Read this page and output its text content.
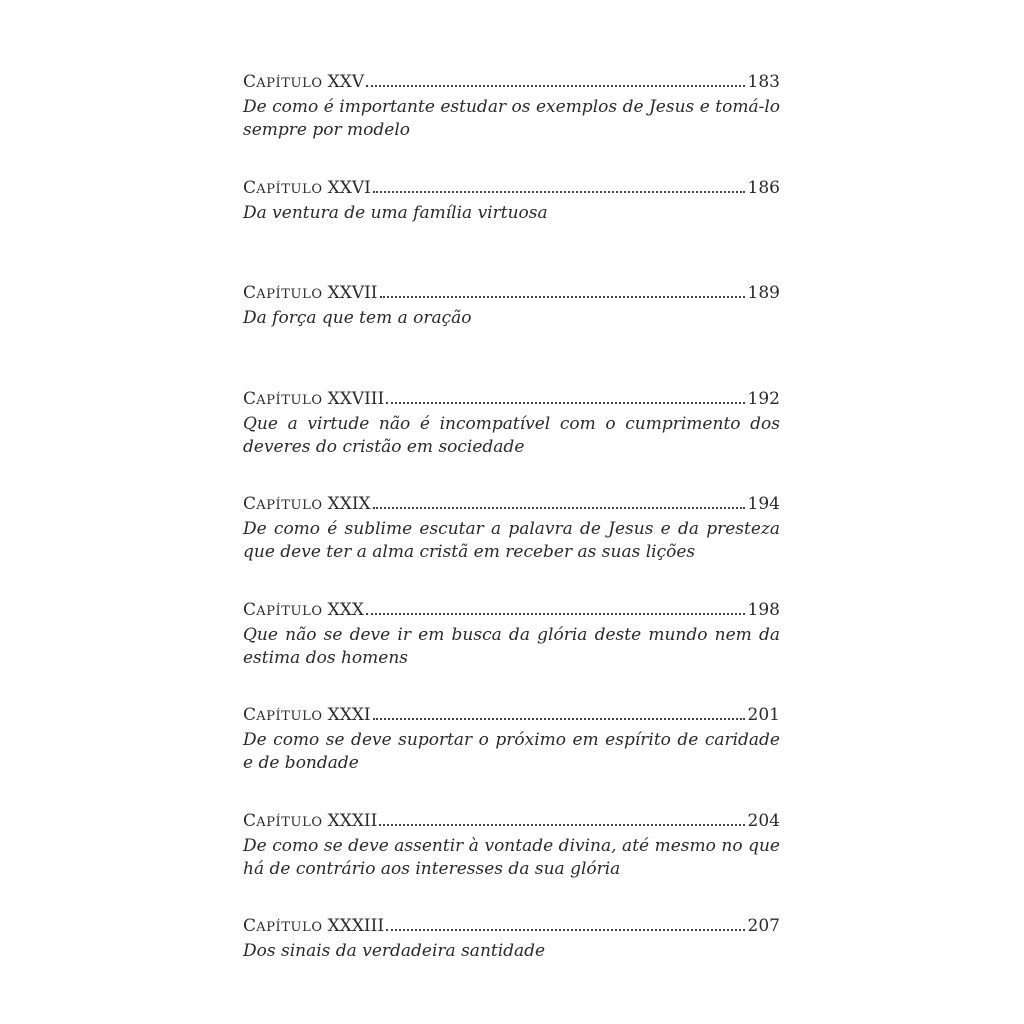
CAPÍTULO XXV	183

De como é importante estudar os exemplos de Jesus e tomá-lo sempre por modelo

CAPÍTULO XXVI	186

Da ventura de uma família virtuosa

CAPÍTULO XXVII	189

Da força que tem a oração

CAPÍTULO XXVIII	192

Que a virtude não é incompatível com o cumprimento dos deveres do cristão em sociedade

CAPÍTULO XXIX	194

De como é sublime escutar a palavra de Jesus e da presteza que deve ter a alma cristã em receber as suas lições

CAPÍTULO XXX	198

Que não se deve ir em busca da glória deste mundo nem da estima dos homens

CAPÍTULO XXXI	201

De como se deve suportar o próximo em espírito de caridade e de bondade

CAPÍTULO XXXII	204

De como se deve assentir à vontade divina, até mesmo no que há de contrário aos interesses da sua glória

CAPÍTULO XXXIII	207

Dos sinais da verdadeira santidade
